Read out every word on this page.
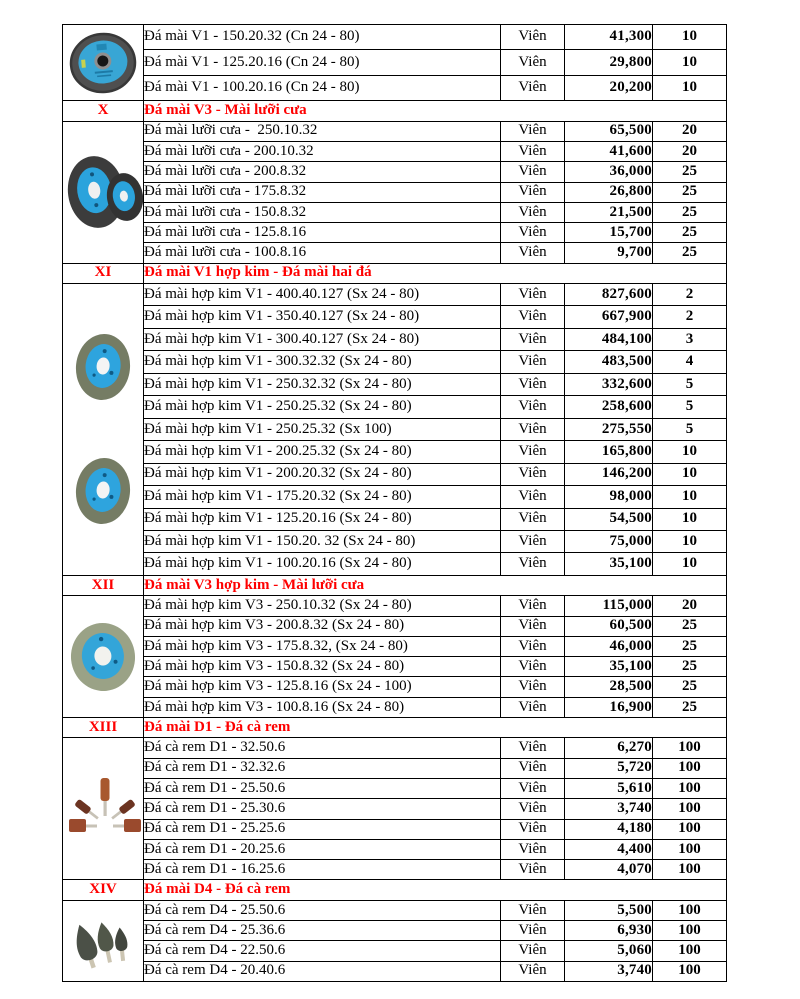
	Đá mài V1 - 150.20.32 (Cn 24 - 80)	Viên	41,300	10
	Đá mài V1 - 125.20.16 (Cn 24 - 80)	Viên	29,800	10
	Đá mài V1 - 100.20.16 (Cn 24 - 80)	Viên	20,200	10
X	Đá mài V3 - Mài lưỡi cưa			
	Đá mài lưỡi cưa -  250.10.32	Viên	65,500	20
	Đá mài lưỡi cưa - 200.10.32	Viên	41,600	20
	Đá mài lưỡi cưa - 200.8.32	Viên	36,000	25
	Đá mài lưỡi cưa - 175.8.32	Viên	26,800	25
	Đá mài lưỡi cưa - 150.8.32	Viên	21,500	25
	Đá mài lưỡi cưa - 125.8.16	Viên	15,700	25
	Đá mài lưỡi cưa - 100.8.16	Viên	9,700	25
XI	Đá mài V1 hợp kim - Đá mài hai đá			
	Đá mài hợp kim V1 - 400.40.127 (Sx 24 - 80)	Viên	827,600	2
	Đá mài hợp kim V1 - 350.40.127 (Sx 24 - 80)	Viên	667,900	2
	Đá mài hợp kim V1 - 300.40.127 (Sx 24 - 80)	Viên	484,100	3
	Đá mài hợp kim V1 - 300.32.32 (Sx 24 - 80)	Viên	483,500	4
	Đá mài hợp kim V1 - 250.32.32 (Sx 24 - 80)	Viên	332,600	5
	Đá mài hợp kim V1 - 250.25.32 (Sx 24 - 80)	Viên	258,600	5
	Đá mài hợp kim V1 - 250.25.32 (Sx 100)	Viên	275,550	5
	Đá mài hợp kim V1 - 200.25.32 (Sx 24 - 80)	Viên	165,800	10
	Đá mài hợp kim V1 - 200.20.32 (Sx 24 - 80)	Viên	146,200	10
	Đá mài hợp kim V1 - 175.20.32 (Sx 24 - 80)	Viên	98,000	10
	Đá mài hợp kim V1 - 125.20.16 (Sx 24 - 80)	Viên	54,500	10
	Đá mài hợp kim V1 - 150.20. 32 (Sx 24 - 80)	Viên	75,000	10
	Đá mài hợp kim V1 - 100.20.16 (Sx 24 - 80)	Viên	35,100	10
XII	Đá mài V3 hợp kim - Mài lưỡi cưa			
	Đá mài hợp kim V3 - 250.10.32 (Sx 24 - 80)	Viên	115,000	20
	Đá mài hợp kim V3 - 200.8.32 (Sx 24 - 80)	Viên	60,500	25
	Đá mài hợp kim V3 - 175.8.32, (Sx 24 - 80)	Viên	46,000	25
	Đá mài hợp kim V3 - 150.8.32 (Sx 24 - 80)	Viên	35,100	25
	Đá mài hợp kim V3 - 125.8.16 (Sx 24 - 100)	Viên	28,500	25
	Đá mài hợp kim V3 - 100.8.16 (Sx 24 - 80)	Viên	16,900	25
XIII	Đá mài D1 - Đá cà rem			
	Đá cà rem D1 - 32.50.6	Viên	6,270	100
	Đá cà rem D1 - 32.32.6	Viên	5,720	100
	Đá cà rem D1 - 25.50.6	Viên	5,610	100
	Đá cà rem D1 - 25.30.6	Viên	3,740	100
	Đá cà rem D1 - 25.25.6	Viên	4,180	100
	Đá cà rem D1 - 20.25.6	Viên	4,400	100
	Đá cà rem D1 - 16.25.6	Viên	4,070	100
XIV	Đá mài D4 - Đá cà rem			
	Đá cà rem D4 - 25.50.6	Viên	5,500	100
	Đá cà rem D4 - 25.36.6	Viên	6,930	100
	Đá cà rem D4 - 22.50.6	Viên	5,060	100
	Đá cà rem D4 - 20.40.6	Viên	3,740	100
